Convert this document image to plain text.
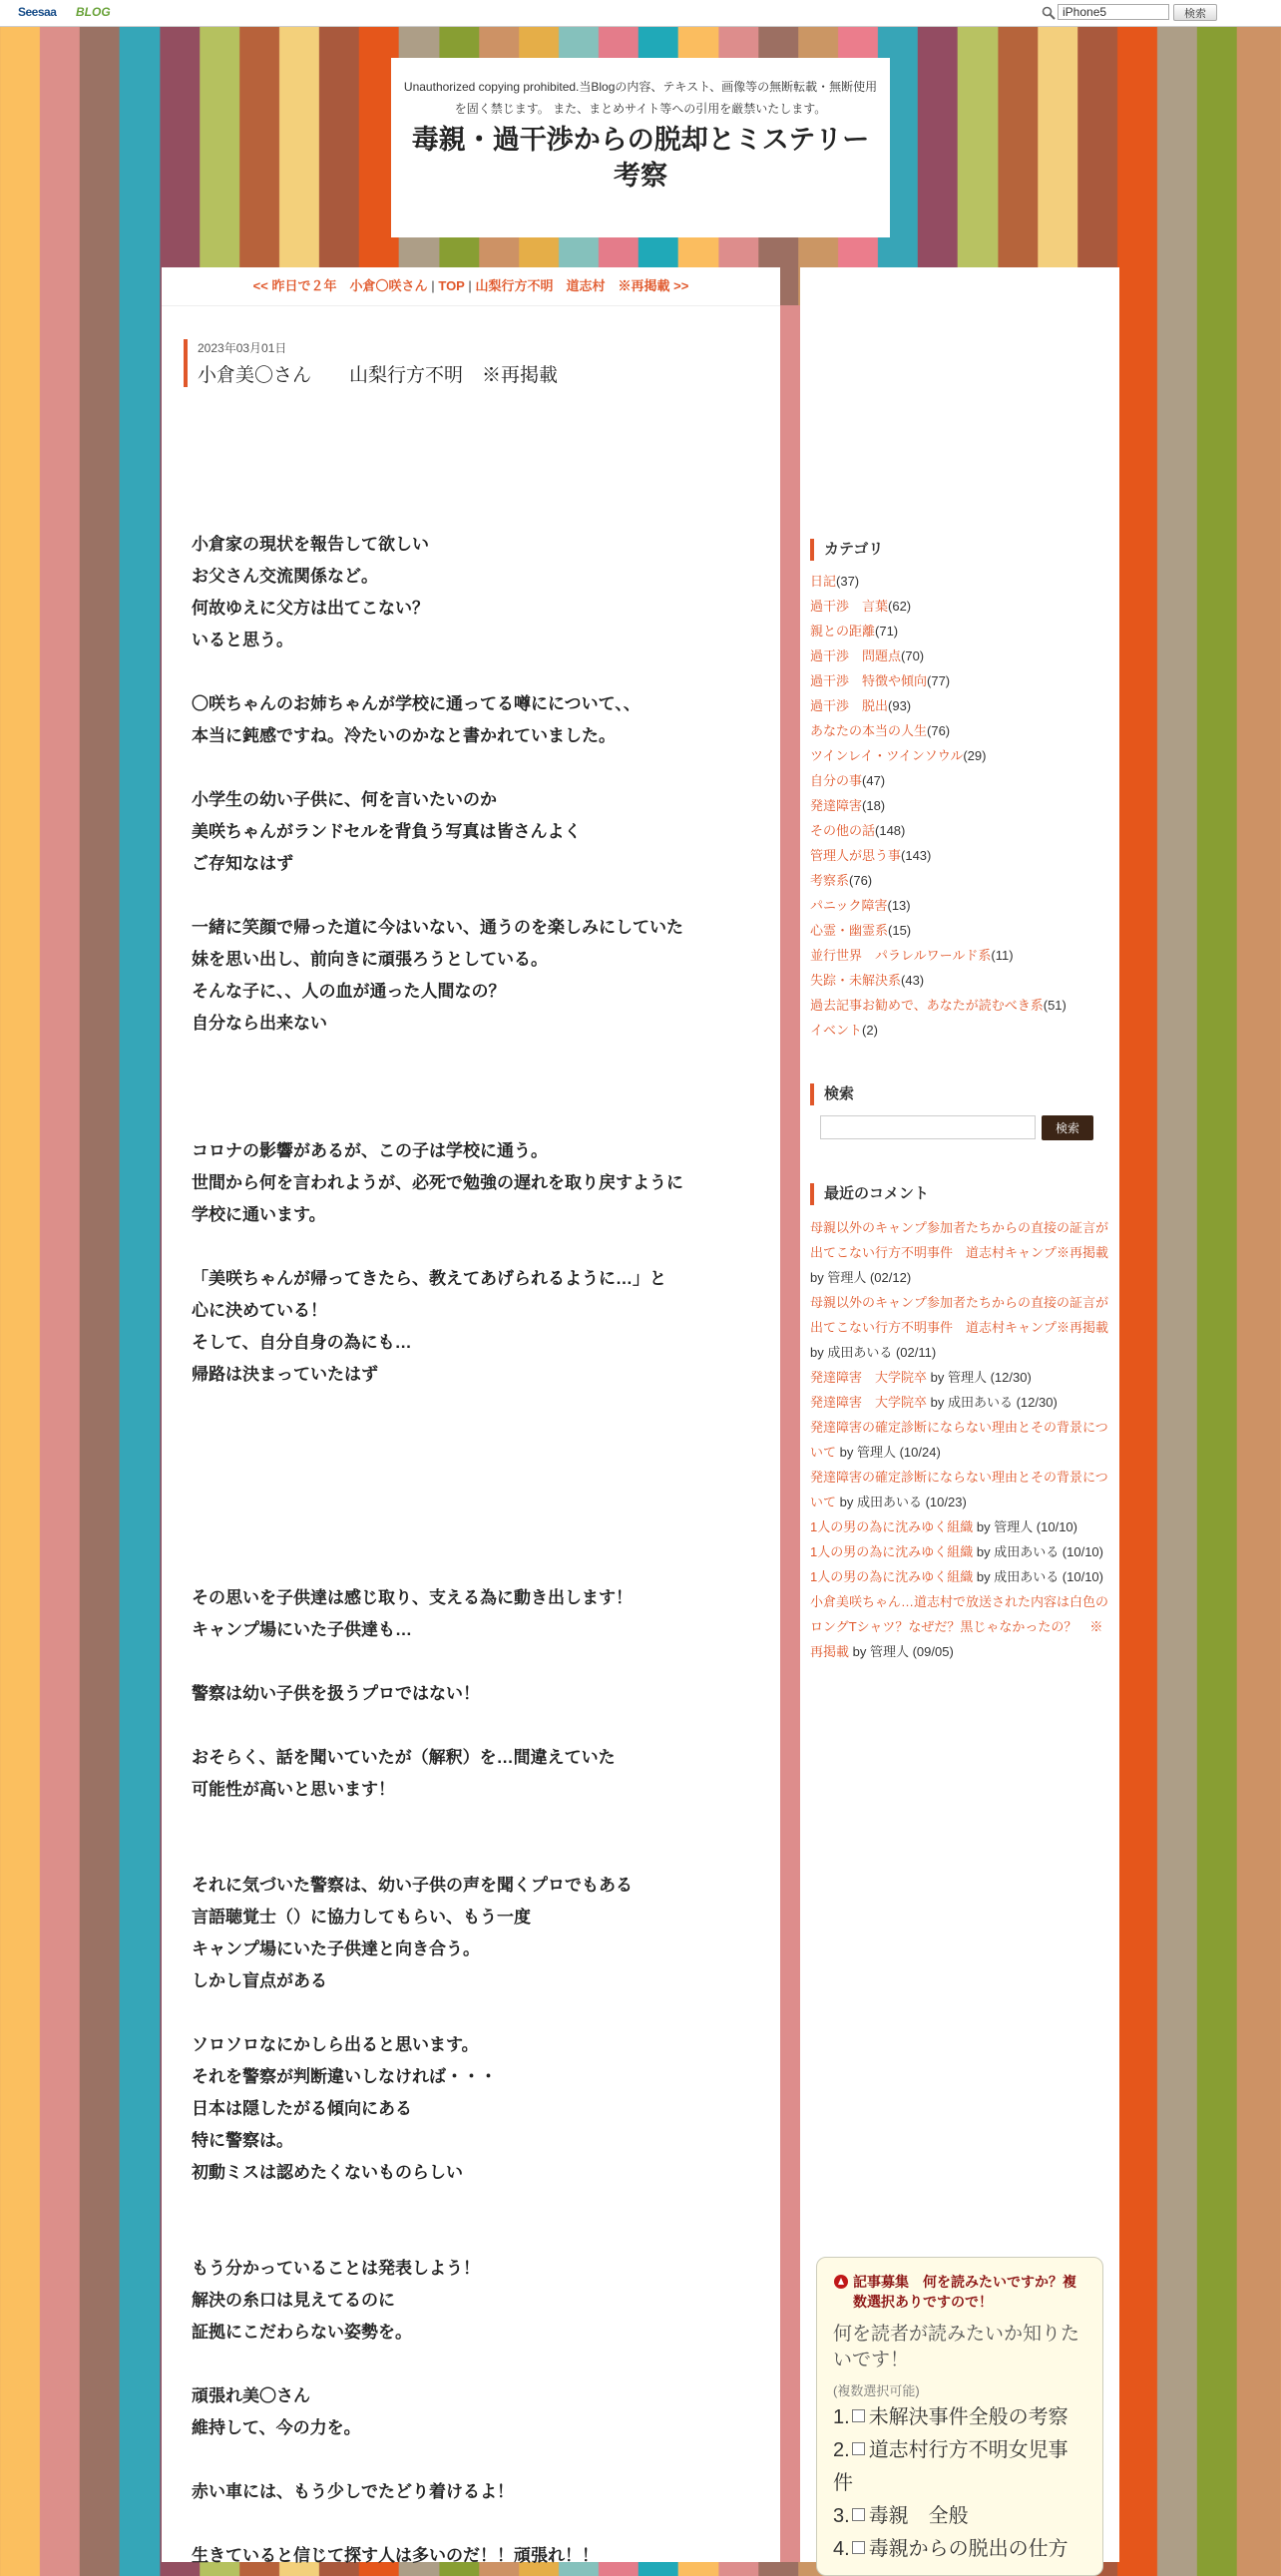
Seesaa BLOG
iPhone5	検索

Unauthorized copying prohibited.当Blogの内容、テキスト、画像等の無断転載・無断使用を固く禁じます。 また、まとめサイト等への引用を厳禁いたします。

毒親・過干渉からの脱却とミステリー考察
<< 昨日で２年　小倉〇咲さん | TOP | 山梨行方不明　道志村　※再掲載 >>
2023年03月01日
小倉美〇さん　　山梨行方不明　※再掲載
小倉家の現状を報告して欲しい
お父さん交流関係など。
何故ゆえに父方は出てこない？
いると思う。
〇咲ちゃんのお姉ちゃんが学校に通ってる噂にについて、、
本当に鈍感ですね。冷たいのかなと書かれていました。
小学生の幼い子供に、何を言いたいのか
美咲ちゃんがランドセルを背負う写真は皆さんよく
ご存知なはず
一緒に笑顔で帰った道に今はいない、通うのを楽しみにしていた
妹を思い出し、前向きに頑張ろうとしている。
そんな子に、、人の血が通った人間なの？
自分なら出来ない
コロナの影響があるが、この子は学校に通う。
世間から何を言われようが、必死で勉強の遅れを取り戻すように
学校に通います。
「美咲ちゃんが帰ってきたら、教えてあげられるように…」と
心に決めている！
そして、自分自身の為にも…
帰路は決まっていたはず
その思いを子供達は感じ取り、支える為に動き出します！
キャンプ場にいた子供達も…
警察は幼い子供を扱うプロではない！
おそらく、話を聞いていたが（解釈）を…間違えていた
可能性が高いと思います！
それに気づいた警察は、幼い子供の声を聞くプロでもある
言語聴覚士（）に協力してもらい、もう一度
キャンプ場にいた子供達と向き合う。
しかし盲点がある
ソロソロなにかしら出ると思います。
それを警察が判断違いしなければ・・・
日本は隠したがる傾向にある
特に警察は。
初動ミスは認めたくないものらしい
もう分かっていることは発表しよう！
解決の糸口は見えてるのに
証拠にこだわらない姿勢を。
頑張れ美〇さん
維持して、今の力を。
赤い車には、もう少しでたどり着けるよ！
生きていると信じて探す人は多いのだ！！頑張れ！！
カテゴリ
日記(37)
過干渉　言葉(62)
親との距離(71)
過干渉　問題点(70)
過干渉　特徴や傾向(77)
過干渉　脱出(93)
あなたの本当の人生(76)
ツインレイ・ツインソウル(29)
自分の事(47)
発達障害(18)
その他の話(148)
管理人が思う事(143)
考察系(76)
パニック障害(13)
心霊・幽霊系(15)
並行世界　パラレルワールド系(11)
失踪・未解決系(43)
過去記事お勧めで、あなたが読むべき系(51)
イベント(2)
検索
検索
最近のコメント
母親以外のキャンプ参加者たちからの直接の証言が出てこない行方不明事件　道志村キャンプ※再掲載 by 管理人 (02/12)
母親以外のキャンプ参加者たちからの直接の証言が出てこない行方不明事件　道志村キャンプ※再掲載 by 成田あいる (02/11)
発達障害　大学院卒 by 管理人 (12/30)
発達障害　大学院卒 by 成田あいる (12/30)
発達障害の確定診断にならない理由とその背景について by 管理人 (10/24)
発達障害の確定診断にならない理由とその背景について by 成田あいる (10/23)
1人の男の為に沈みゆく組織 by 管理人 (10/10)
1人の男の為に沈みゆく組織 by 成田あいる (10/10)
1人の男の為に沈みゆく組織 by 成田あいる (10/10)
小倉美咲ちゃん…道志村で放送された内容は白色のロングTシャツ？なぜだ？黒じゃなかったの？　※再掲載 by 管理人 (09/05)
記事募集　何を読みたいですか？複数選択ありですので！
何を読者が読みたいか知りたいです！
(複数選択可能)
1. 未解決事件全般の考察
2. 道志村行方不明女児事件
3. 毒親　全般
4. 毒親からの脱出の仕方
